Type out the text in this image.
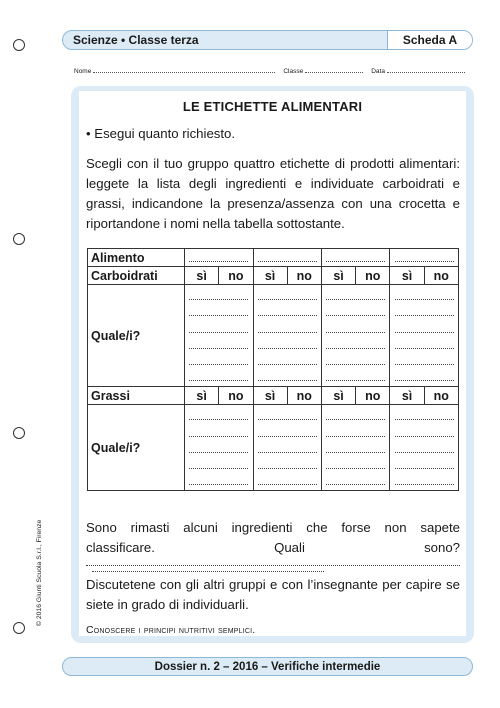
Scienze • Classe terza	Scheda A
Nome	Classe	Data
LE ETICHETTE ALIMENTARI
• Esegui quanto richiesto.
Scegli con il tuo gruppo quattro etichette di prodotti alimentari: leggete la lista degli ingredienti e individuate carboidrati e grassi, indicandone la presenza/assenza con una crocetta e riportandone i nomi nella tabella sottostante.
Alimento					

Carboidrati	sì	no	sì	no	sì	no	sì	no
Quale/i?					

Grassi	sì	no	sì	no	sì	no	sì	no
Quale/i?					

Sono rimasti alcuni ingredienti che forse non sapete classificare. Quali sono?
Discutetene con gli altri gruppi e con l’insegnante per capire se siete in grado di individuarli.
Conoscere i principi nutritivi semplici.
© 2016 Giunti Scuola S.r.l., Firenze
Dossier n. 2 – 2016 – Verifiche intermedie
